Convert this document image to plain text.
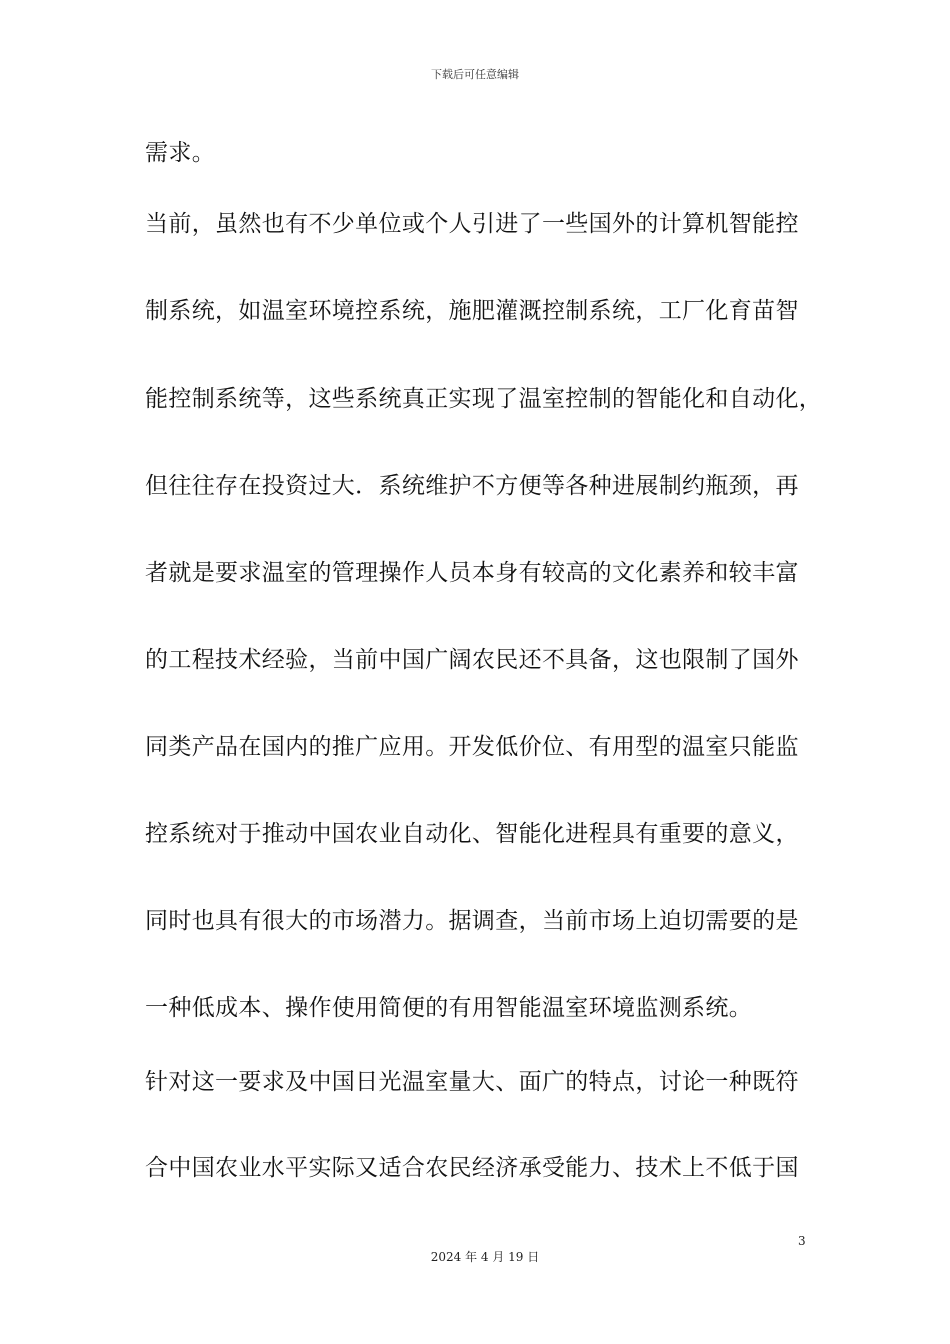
下载后可任意编辑
需求。
当前，虽然也有不少单位或个人引进了一些国外的计算机智能控
制系统，如温室环境控系统，施肥灌溉控制系统，工厂化育苗智
能控制系统等，这些系统真正实现了温室控制的智能化和自动化，
但往往存在投资过大．系统维护不方便等各种进展制约瓶颈，再
者就是要求温室的管理操作人员本身有较高的文化素养和较丰富
的工程技术经验，当前中国广阔农民还不具备，这也限制了国外
同类产品在国内的推广应用。开发低价位、有用型的温室只能监
控系统对于推动中国农业自动化、智能化进程具有重要的意义，
同时也具有很大的市场潜力。据调查，当前市场上迫切需要的是
一种低成本、操作使用简便的有用智能温室环境监测系统。
针对这一要求及中国日光温室量大、面广的特点，讨论一种既符
合中国农业水平实际又适合农民经济承受能力、技术上不低于国
3
2024 年 4 月 19 日
